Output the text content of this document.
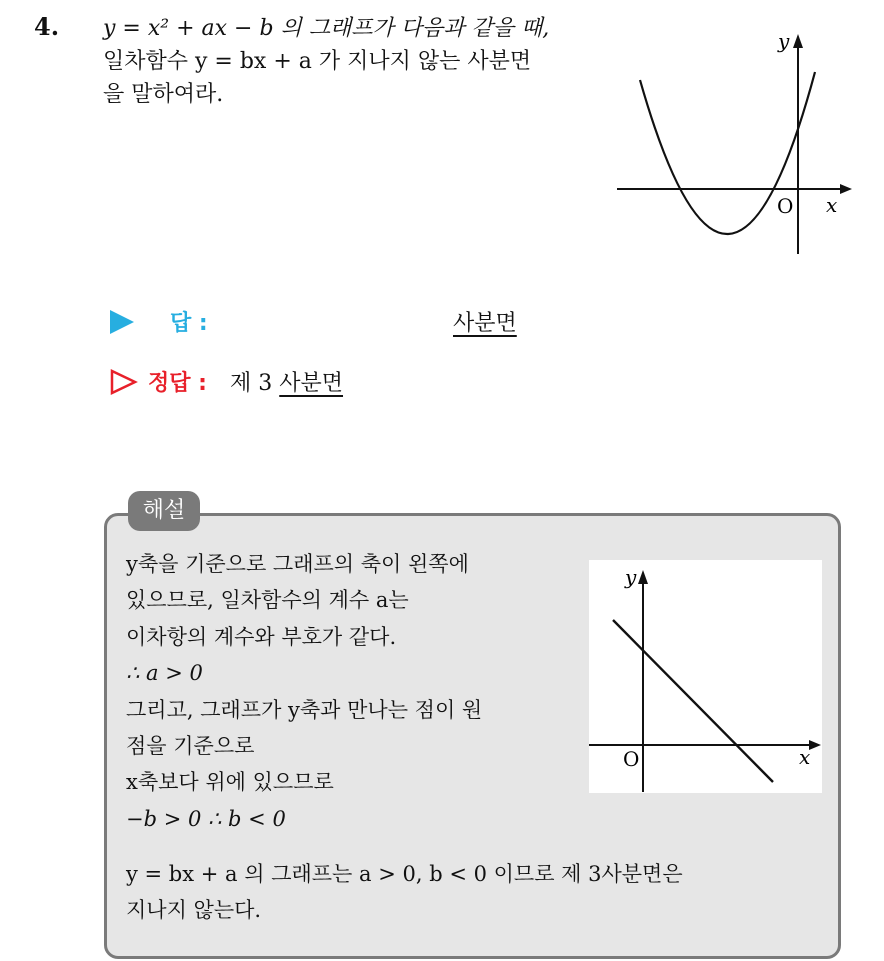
4. y = x² + ax − b 의 그래프가 다음과 같을 때,
일차함수 y = bx + a 가 지나지 않는 사분면
을 말하여라.
y
x
O
답 :	사분면
정답 : 제 3 사분면
해설
y축을 기준으로 그래프의 축이 왼쪽에
있으므로, 일차함수의 계수 a는
이차항의 계수와 부호가 같다.
∴ a > 0
그리고, 그래프가 y축과 만나는 점이 원
점을 기준으로
x축보다 위에 있으므로
−b > 0 ∴ b < 0
y
x
O
y = bx + a 의 그래프는 a > 0, b < 0 이므로 제 3사분면은
지나지 않는다.
